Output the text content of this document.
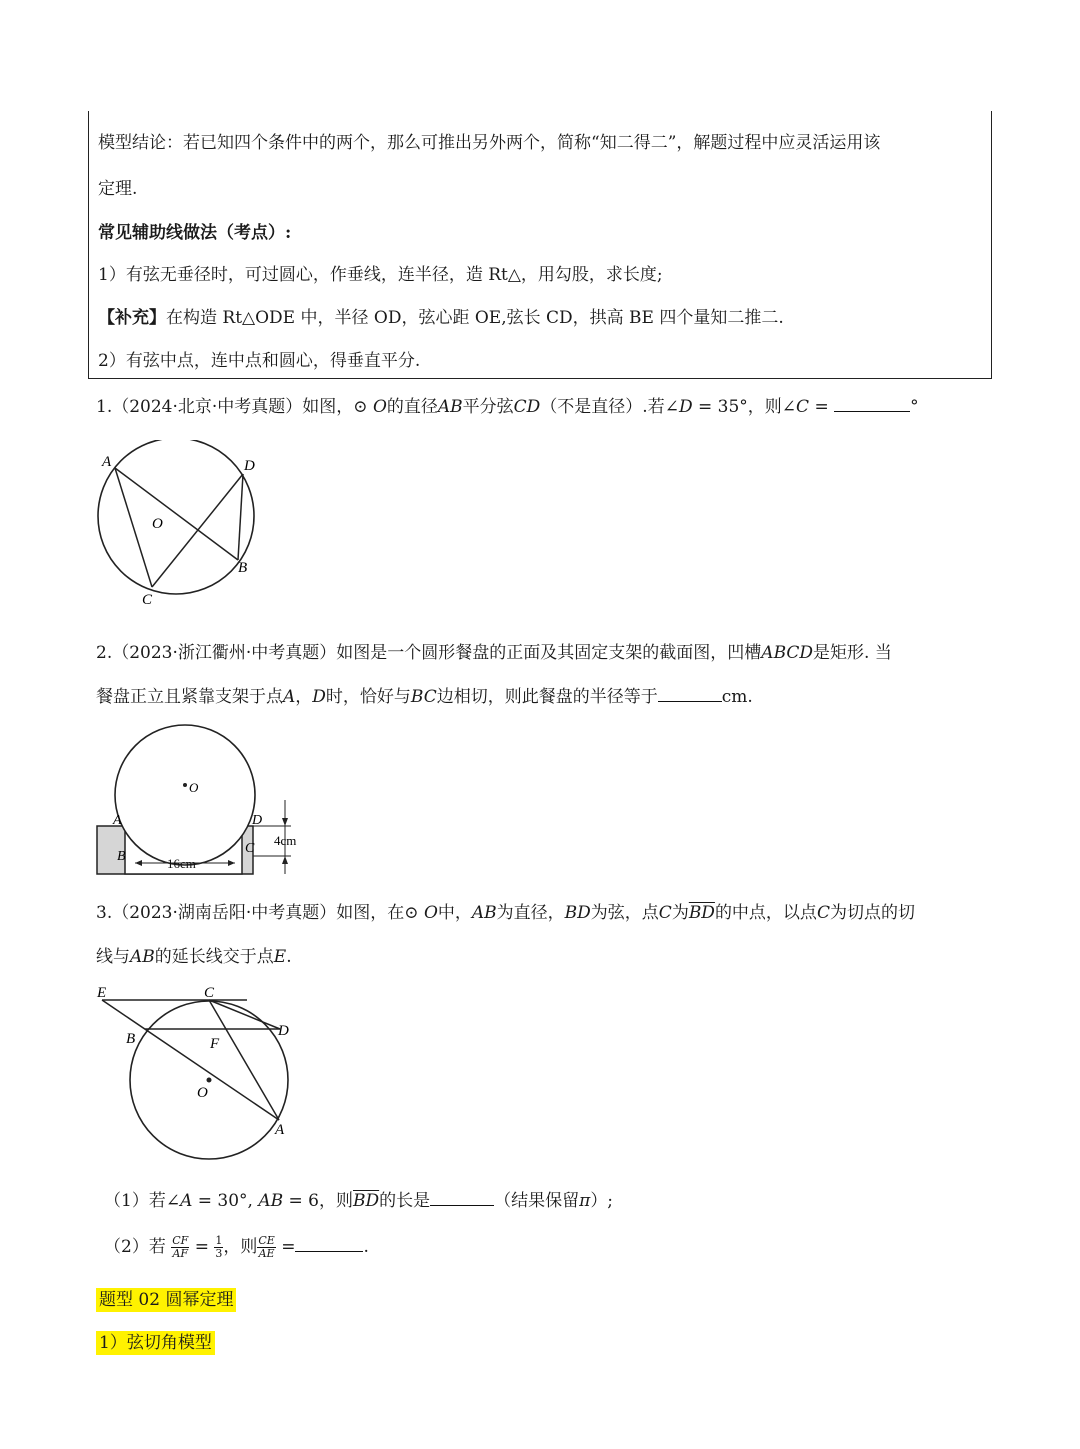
模型结论：若已知四个条件中的两个，那么可推出另外两个，简称“知二得二”，解题过程中应灵活运用该
定理.
常见辅助线做法（考点）:
1）有弦无垂径时，可过圆心，作垂线，连半径，造 Rt△，用勾股，求长度;
【补充】在构造 Rt△ODE 中，半径 OD，弦心距 OE,弦长 CD，拱高 BE 四个量知二推二.
2）有弦中点，连中点和圆心，得垂直平分.
1.（2024·北京·中考真题）如图，⊙ O的直径AB平分弦CD（不是直径）.若∠D = 35°，则∠C =	°
A	D
O
B
C
2.（2023·浙江衢州·中考真题）如图是一个圆形餐盘的正面及其固定支架的截面图，凹槽ABCD是矩形. 当
餐盘正立且紧靠支架于点A，D时，恰好与BC边相切，则此餐盘的半径等于	cm.
O
A	D
B
C
16cm
4cm
3.（2023·湖南岳阳·中考真题）如图，在⊙ O中，AB为直径，BD为弦，点C为$\overline{BD}$的中点，以点C为切点的切
线与AB的延长线交于点E.
E	C
D
B	F
O
A
（1）若∠A = 30°, AB = 6，则$\overline{BD}$的长是	（结果保留π）;
（2）若 $\frac{CF}{AF} = \frac{1}{3}$ ，则 $\frac{CE}{AE}$ =	.
题型 02 圆幂定理
1）弦切角模型
